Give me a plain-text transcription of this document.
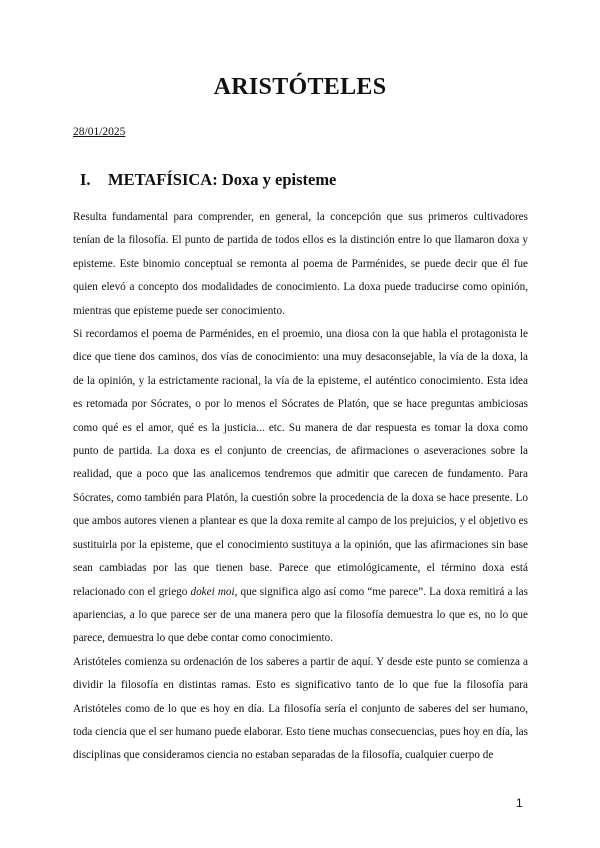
ARISTÓTELES
28/01/2025
I. METAFÍSICA: Doxa y episteme

Resulta fundamental para comprender, en general, la concepción que sus primeros cultivadores tenían de la filosofía. El punto de partida de todos ellos es la distinción entre lo que llamaron doxa y episteme. Este binomio conceptual se remonta al poema de Parménides, se puede decir que él fue quien elevó a concepto dos modalidades de conocimiento. La doxa puede traducirse como opinión, mientras que episteme puede ser conocimiento.

Si recordamos el poema de Parménides, en el proemio, una diosa con la que habla el protagonista le dice que tiene dos caminos, dos vías de conocimiento: una muy desaconsejable, la vía de la doxa, la de la opinión, y la estrictamente racional, la vía de la episteme, el auténtico conocimiento. Esta idea es retomada por Sócrates, o por lo menos el Sócrates de Platón, que se hace preguntas ambiciosas como qué es el amor, qué es la justicia... etc. Su manera de dar respuesta es tomar la doxa como punto de partida. La doxa es el conjunto de creencias, de afirmaciones o aseveraciones sobre la realidad, que a poco que las analicemos tendremos que admitir que carecen de fundamento. Para Sócrates, como también para Platón, la cuestión sobre la procedencia de la doxa se hace presente. Lo que ambos autores vienen a plantear es que la doxa remite al campo de los prejuicios, y el objetivo es sustituirla por la episteme, que el conocimiento sustituya a la opinión, que las afirmaciones sin base sean cambiadas por las que tienen base. Parece que etimológicamente, el término doxa está relacionado con el griego dokei moi, que significa algo así como “me parece”. La doxa remitirá a las apariencias, a lo que parece ser de una manera pero que la filosofía demuestra lo que es, no lo que parece, demuestra lo que debe contar como conocimiento.

Aristóteles comienza su ordenación de los saberes a partir de aquí. Y desde este punto se comienza a dividir la filosofía en distintas ramas. Esto es significativo tanto de lo que fue la filosofía para Aristóteles como de lo que es hoy en día. La filosofía sería el conjunto de saberes del ser humano, toda ciencia que el ser humano puede elaborar. Esto tiene muchas consecuencias, pues hoy en día, las disciplinas que consideramos ciencia no estaban separadas de la filosofía, cualquier cuerpo de

1
